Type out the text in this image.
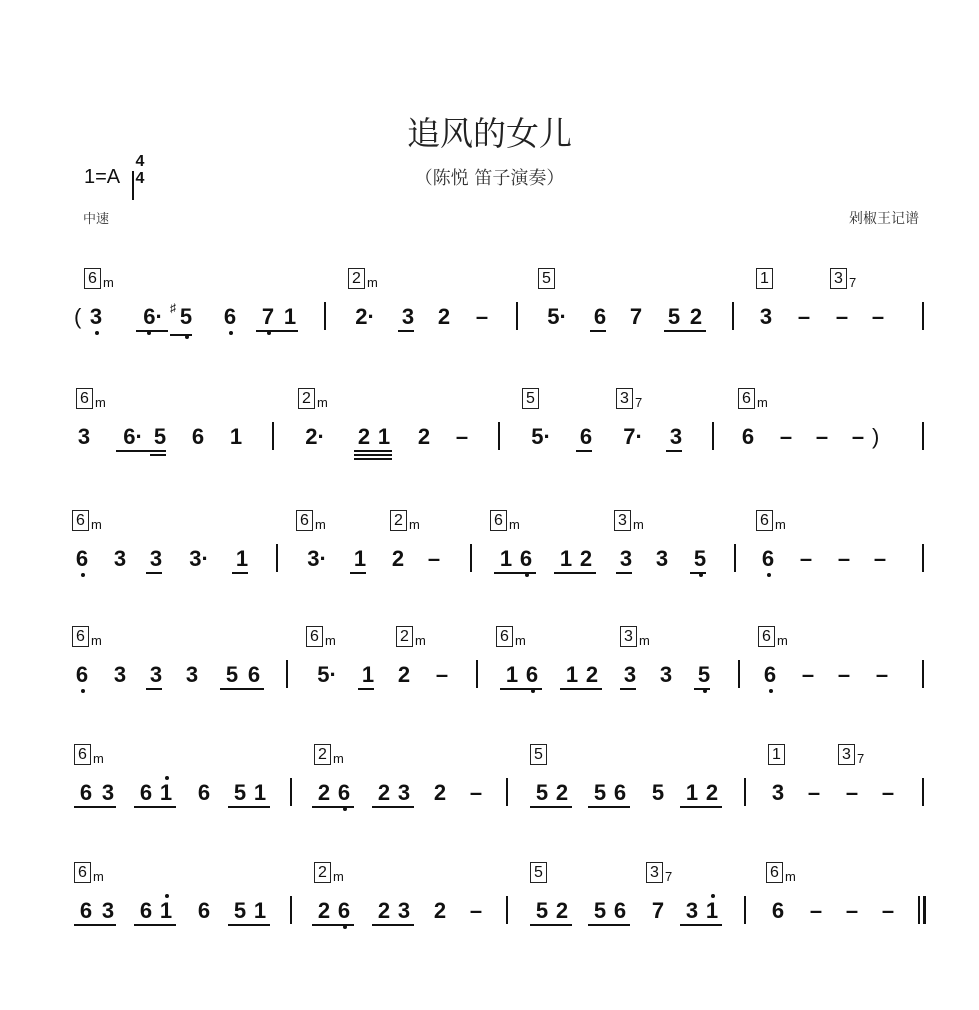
追风的女儿
（陈悦 笛子演奏）
1=A
4
4
中速	剁椒王记谱
6 $_m$	2 $_m$	5	1	3 $_7$
( 3 6· 5
♯ 6 7 1	2· 3 2 –	5· 6 7 5 2	3 – – –
6 $_m$	2 $_m$	5	3 $_7$	6 $_m$
3 6· 5 6 1	2· 2 1 2 –	5· 6 7· 3	6 – – – )
6 $_m$	6 $_m$	2 $_m$	6 $_m$	3 $_m$	6 $_m$
6 3 3 3· 1	3· 1 2 –	1 6 1 2 3 3 5	6 – – –
6 $_m$	6 $_m$	2 $_m$	6 $_m$	3 $_m$	6 $_m$
6 3 3 3 5 6	5· 1 2 –	1 6 1 2 3 3 5 6 – – –
6 $_m$	2 $_m$	5	1	3 $_7$
6 3 6 1 6 5 1 2 6 2 3 2 – 5 2 5 6 5 1 2 3 – – –
6 $_m$	2 $_m$	5	3 $_7$	6 $_m$
6 3 6 1 6 5 1 2 6 2 3 2 – 5 2 5 6 7 3 1 6 – – –
